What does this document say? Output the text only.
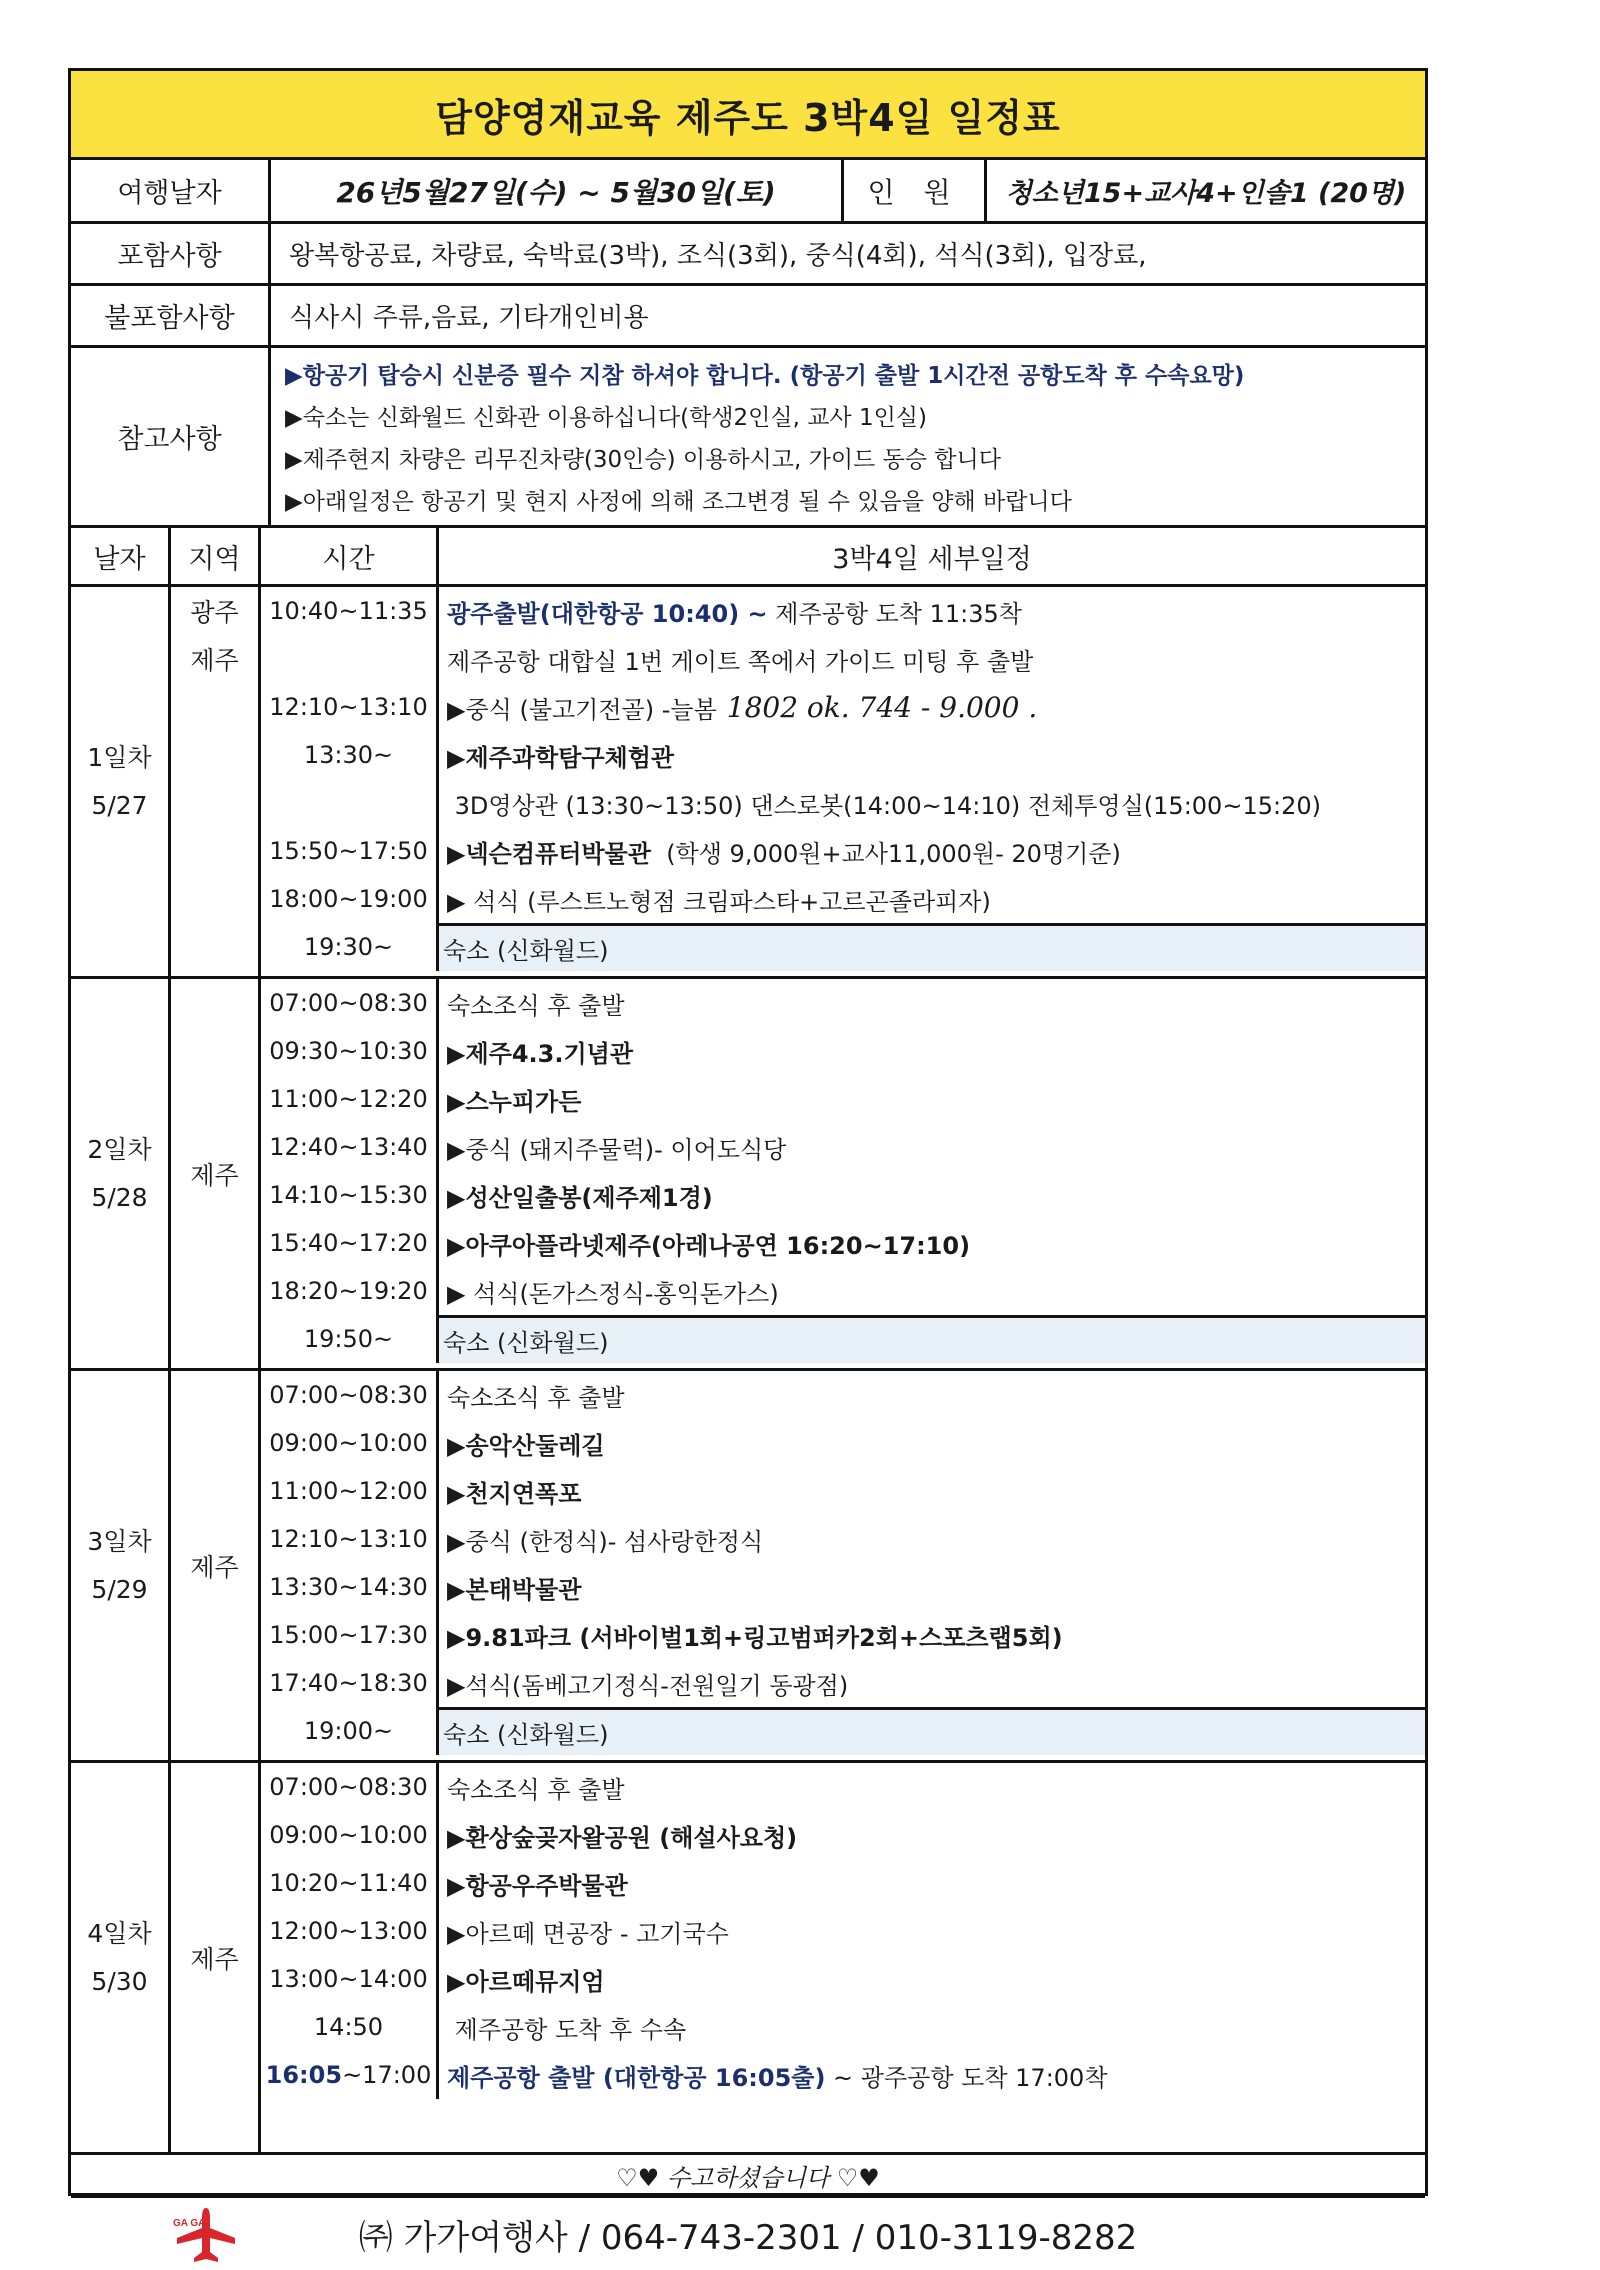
담양영재교육 제주도 3박4일 일정표
여행날자	26년5월27일(수) ~ 5월30일(토)	인 원	청소년15+교사4+인솔1 (20명)
포함사항	왕복항공료, 차량료, 숙박료(3박), 조식(3회), 중식(4회), 석식(3회), 입장료,
불포함사항	식사시 주류,음료, 기타개인비용
참고사항
▶항공기 탑승시 신분증 필수 지참 하셔야 합니다. (항공기 출발 1시간전 공항도착 후 수속요망)
▶숙소는 신화월드 신화관 이용하십니다(학생2인실, 교사 1인실)
▶제주현지 차량은 리무진차량(30인승) 이용하시고, 가이드 동승 합니다
▶아래일정은 항공기 및 현지 사정에 의해 조그변경 될 수 있음을 양해 바랍니다
날자	지역	시간	3박4일 세부일정
1일차
5/27
광주
제주
10:40~11:35 광주출발(대한항공 10:40) ~ 제주공항 도착 11:35착
제주공항 대합실 1번 게이트 쪽에서 가이드 미팅 후 출발
12:10~13:10 ▶중식 (불고기전골) -늘봄 1802 ok. 744 - 9.000 .
13:30~	▶제주과학탐구체험관
3D영상관 (13:30~13:50) 댄스로봇(14:00~14:10) 전체투영실(15:00~15:20)
15:50~17:50 ▶넥슨컴퓨터박물관 (학생 9,000원+교사11,000원- 20명기준)
18:00~19:00 ▶ 석식 (루스트노형점 크림파스타+고르곤졸라피자)
19:30~	숙소 (신화월드)
2일차
5/28
제주
07:00~08:30 숙소조식 후 출발
09:30~10:30 ▶제주4.3.기념관
11:00~12:20 ▶스누피가든
12:40~13:40 ▶중식 (돼지주물럭)- 이어도식당
14:10~15:30 ▶성산일출봉(제주제1경)
15:40~17:20 ▶아쿠아플라넷제주(아레나공연 16:20~17:10)
18:20~19:20 ▶ 석식(돈가스정식-홍익돈가스)
19:50~	숙소 (신화월드)
3일차
5/29
제주
07:00~08:30 숙소조식 후 출발
09:00~10:00 ▶송악산둘레길
11:00~12:00 ▶천지연폭포
12:10~13:10 ▶중식 (한정식)- 섬사랑한정식
13:30~14:30 ▶본태박물관
15:00~17:30 ▶9.81파크 (서바이벌1회+링고범퍼카2회+스포츠랩5회)
17:40~18:30 ▶석식(돔베고기정식-전원일기 동광점)
19:00~	숙소 (신화월드)
4일차
5/30
제주
07:00~08:30 숙소조식 후 출발
09:00~10:00 ▶환상숲곶자왈공원 (해설사요청)
10:20~11:40 ▶항공우주박물관
12:00~13:00 ▶아르떼 면공장 - 고기국수
13:00~14:00 ▶아르떼뮤지엄
14:50	제주공항 도착 후 수속
16:05 ~17:00 제주공항 출발 (대한항공 16:05출) ~ 광주공항 도착 17:00착
♡♥ 수고하셨습니다 ♡♥
GA GA	㈜ 가가여행사 / 064-743-2301 / 010-3119-8282
